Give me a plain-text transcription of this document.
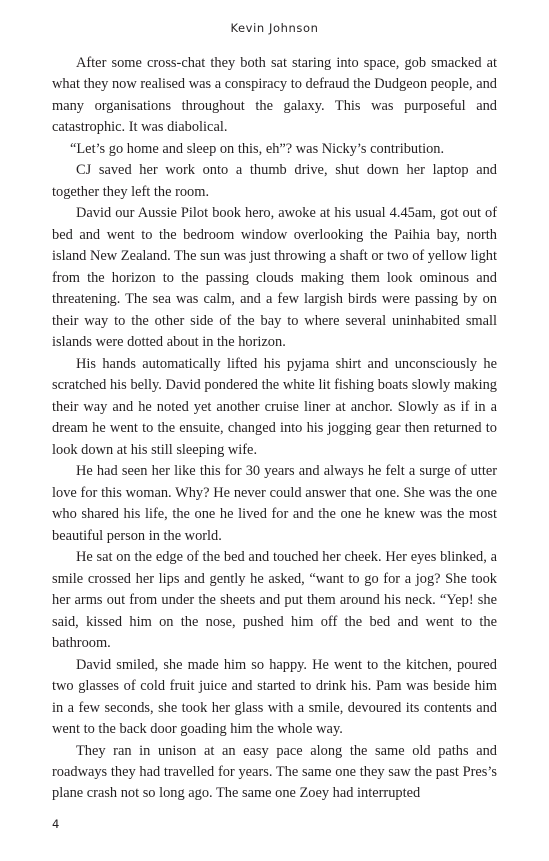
Kevin Johnson

After some cross-chat they both sat staring into space, gob smacked at what they now realised was a conspiracy to defraud the Dudgeon people, and many organisations throughout the galaxy. This was purposeful and catastrophic. It was diabolical.

“Let’s go home and sleep on this, eh”? was Nicky’s contribution.

CJ saved her work onto a thumb drive, shut down her laptop and together they left the room.

David our Aussie Pilot book hero, awoke at his usual 4.45am, got out of bed and went to the bedroom window overlooking the Paihia bay, north island New Zealand. The sun was just throwing a shaft or two of yellow light from the horizon to the passing clouds making them look ominous and threatening. The sea was calm, and a few largish birds were passing by on their way to the other side of the bay to where several uninhabited small islands were dotted about in the horizon.

His hands automatically lifted his pyjama shirt and unconsciously he scratched his belly. David pondered the white lit fishing boats slowly making their way and he noted yet another cruise liner at anchor. Slowly as if in a dream he went to the ensuite, changed into his jogging gear then returned to look down at his still sleeping wife.

He had seen her like this for 30 years and always he felt a surge of utter love for this woman. Why? He never could answer that one. She was the one who shared his life, the one he lived for and the one he knew was the most beautiful person in the world.

He sat on the edge of the bed and touched her cheek. Her eyes blinked, a smile crossed her lips and gently he asked, “want to go for a jog? She took her arms out from under the sheets and put them around his neck. “Yep! she said, kissed him on the nose, pushed him off the bed and went to the bathroom.

David smiled, she made him so happy. He went to the kitchen, poured two glasses of cold fruit juice and started to drink his. Pam was beside him in a few seconds, she took her glass with a smile, devoured its contents and went to the back door goading him the whole way.

They ran in unison at an easy pace along the same old paths and roadways they had travelled for years. The same one they saw the past Pres’s plane crash not so long ago. The same one Zoey had interrupted

4
